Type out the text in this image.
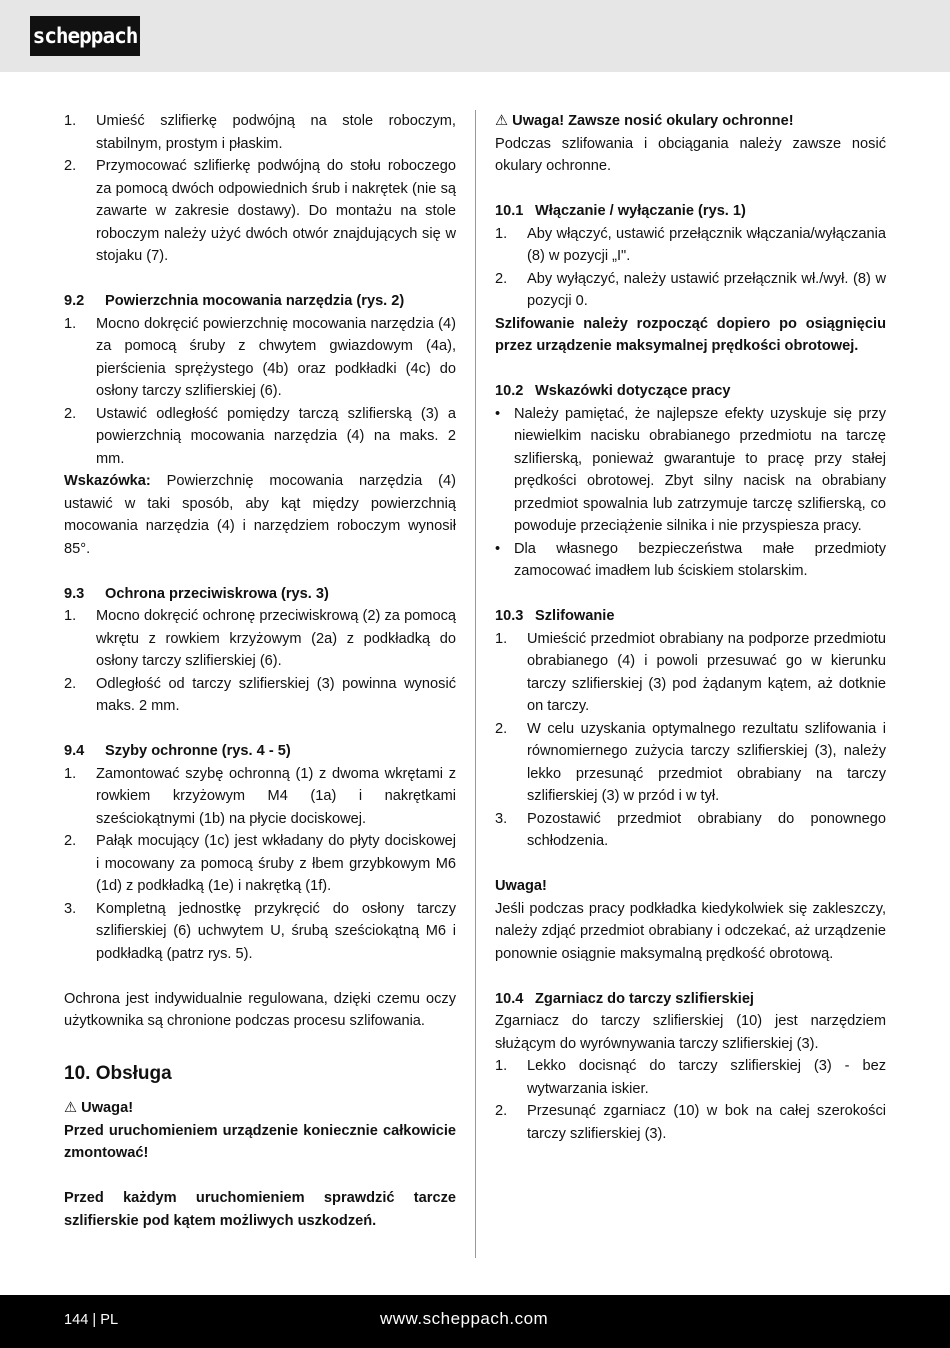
scheppach
1. Umieść szlifierkę podwójną na stole roboczym, stabilnym, prostym i płaskim.
2. Przymocować szlifierkę podwójną do stołu roboczego za pomocą dwóch odpowiednich śrub i nakrętek (nie są zawarte w zakresie dostawy). Do montażu na stole roboczym należy użyć dwóch otwór znajdujących się w stojaku (7).
9.2 Powierzchnia mocowania narzędzia (rys. 2)
1. Mocno dokręcić powierzchnię mocowania narzędzia (4) za pomocą śruby z chwytem gwiazdowym (4a), pierścienia sprężystego (4b) oraz podkładki (4c) do osłony tarczy szlifierskiej (6).
2. Ustawić odległość pomiędzy tarczą szlifierską (3) a powierzchnią mocowania narzędzia (4) na maks. 2 mm.

Wskazówka: Powierzchnię mocowania narzędzia (4) ustawić w taki sposób, aby kąt między powierzchnią mocowania narzędzia (4) i narzędziem roboczym wynosił 85°.

9.3 Ochrona przeciwiskrowa (rys. 3)
1. Mocno dokręcić ochronę przeciwiskrową (2) za pomocą wkrętu z rowkiem krzyżowym (2a) z podkładką do osłony tarczy szlifierskiej (6).
2. Odległość od tarczy szlifierskiej (3) powinna wynosić maks. 2 mm.
9.4 Szyby ochronne (rys. 4 - 5)
1. Zamontować szybę ochronną (1) z dwoma wkrętami z rowkiem krzyżowym M4 (1a) i nakrętkami sześciokątnymi (1b) na płycie dociskowej.
2. Pałąk mocujący (1c) jest wkładany do płyty dociskowej i mocowany za pomocą śruby z łbem grzybkowym M6 (1d) z podkładką (1e) i nakrętką (1f).
3. Kompletną jednostkę przykręcić do osłony tarczy szlifierskiej (6) uchwytem U, śrubą sześciokątną M6 i podkładką (patrz rys. 5).

Ochrona jest indywidualnie regulowana, dzięki czemu oczy użytkownika są chronione podczas procesu szlifowania.

10. Obsługa

⚠ Uwaga!

Przed uruchomieniem urządzenie koniecznie całkowicie zmontować!

Przed każdym uruchomieniem sprawdzić tarcze szlifierskie pod kątem możliwych uszkodzeń.

⚠ Uwaga! Zawsze nosić okulary ochronne!

Podczas szlifowania i obciągania należy zawsze nosić okulary ochronne.

10.1 Włączanie / wyłączanie (rys. 1)
1. Aby włączyć, ustawić przełącznik włączania/wyłączania (8) w pozycji „I".
2. Aby wyłączyć, należy ustawić przełącznik wł./wył. (8) w pozycji 0.

Szlifowanie należy rozpocząć dopiero po osiągnięciu przez urządzenie maksymalnej prędkości obrotowej.

10.2 Wskazówki dotyczące pracy
• Należy pamiętać, że najlepsze efekty uzyskuje się przy niewielkim nacisku obrabianego przedmiotu na tarczę szlifierską, ponieważ gwarantuje to pracę przy stałej prędkości obrotowej. Zbyt silny nacisk na obrabiany przedmiot spowalnia lub zatrzymuje tarczę szlifierską, co powoduje przeciążenie silnika i nie przyspiesza pracy.
• Dla własnego bezpieczeństwa małe przedmioty zamocować imadłem lub ściskiem stolarskim.
10.3 Szlifowanie
1. Umieścić przedmiot obrabiany na podporze przedmiotu obrabianego (4) i powoli przesuwać go w kierunku tarczy szlifierskiej (3) pod żądanym kątem, aż dotknie on tarczy.
2. W celu uzyskania optymalnego rezultatu szlifowania i równomiernego zużycia tarczy szlifierskiej (3), należy lekko przesunąć przedmiot obrabiany na tarczy szlifierskiej (3) w przód i w tył.
3. Pozostawić przedmiot obrabiany do ponownego schłodzenia.

Uwaga!

Jeśli podczas pracy podkładka kiedykolwiek się zakleszczy, należy zdjąć przedmiot obrabiany i odczekać, aż urządzenie ponownie osiągnie maksymalną prędkość obrotową.

10.4 Zgarniacz do tarczy szlifierskiej

Zgarniacz do tarczy szlifierskiej (10) jest narzędziem służącym do wyrównywania tarczy szlifierskiej (3).

1. Lekko docisnąć do tarczy szlifierskiej (3) - bez wytwarzania iskier.
2. Przesunąć zgarniacz (10) w bok na całej szerokości tarczy szlifierskiej (3).
144 | PL	www.scheppach.com
